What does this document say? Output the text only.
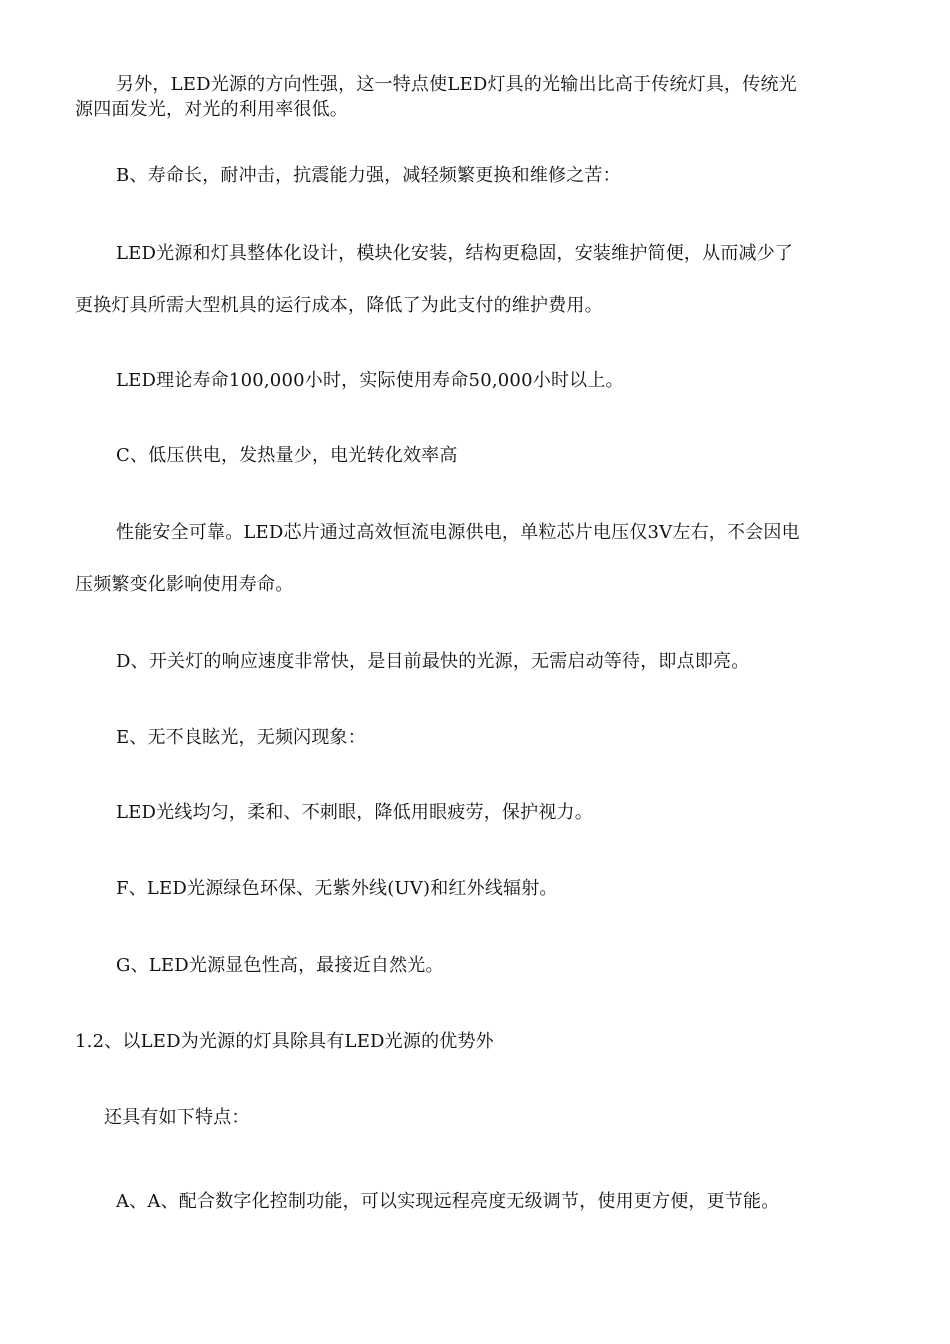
另外，LED光源的方向性强，这一特点使LED灯具的光输出比高于传统灯具，传统光
源四面发光，对光的利用率很低。
B、寿命长，耐冲击，抗震能力强，减轻频繁更换和维修之苦：
LED光源和灯具整体化设计，模块化安装，结构更稳固，安装维护简便，从而减少了
更换灯具所需大型机具的运行成本，降低了为此支付的维护费用。
LED理论寿命100,000小时，实际使用寿命50,000小时以上。
C、低压供电，发热量少，电光转化效率高
性能安全可靠。LED芯片通过高效恒流电源供电，单粒芯片电压仅3V左右，不会因电
压频繁变化影响使用寿命。
D、开关灯的响应速度非常快，是目前最快的光源，无需启动等待，即点即亮。
E、无不良眩光，无频闪现象：
LED光线均匀，柔和、不刺眼，降低用眼疲劳，保护视力。
F、LED光源绿色环保、无紫外线(UV)和红外线辐射。
G、LED光源显色性高，最接近自然光。
1.2、以LED为光源的灯具除具有LED光源的优势外
还具有如下特点：
A、A、配合数字化控制功能，可以实现远程亮度无级调节，使用更方便，更节能。
